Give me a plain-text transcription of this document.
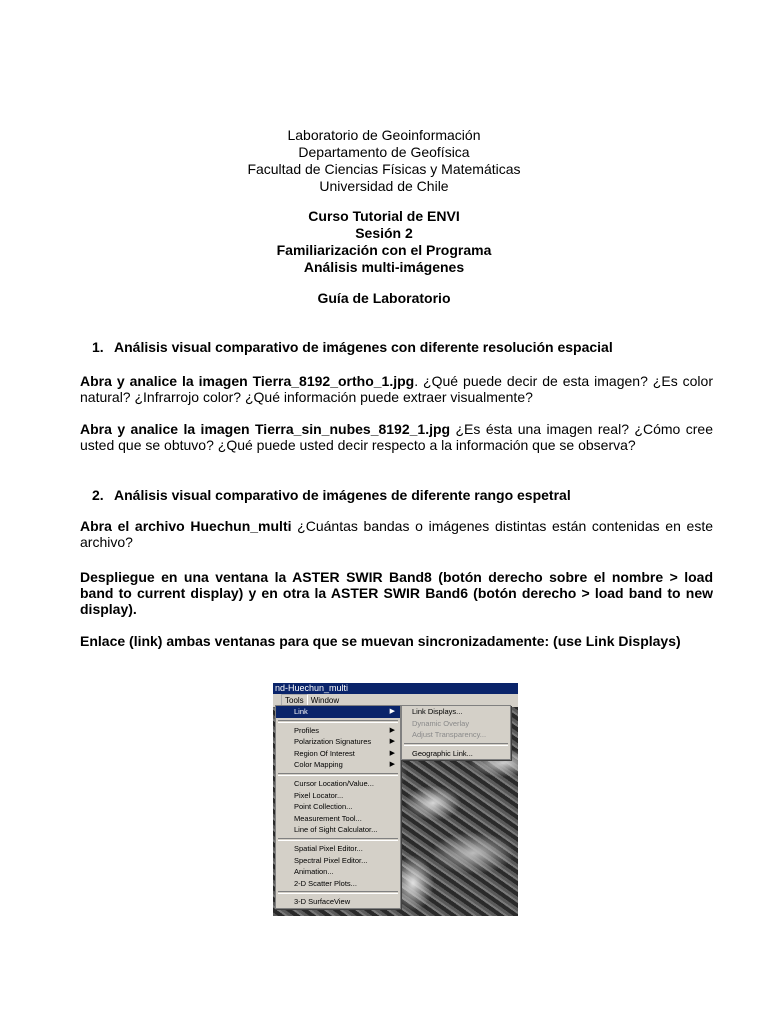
Laboratorio de Geoinformación
Departamento de Geofísica
Facultad de Ciencias Físicas y Matemáticas
Universidad de Chile
Curso Tutorial de ENVI
Sesión 2
Familiarización con el Programa
Análisis multi-imágenes
Guía de Laboratorio
1. Análisis visual comparativo de imágenes con diferente resolución espacial
Abra y analice la imagen Tierra_8192_ortho_1.jpg. ¿Qué puede decir de esta imagen? ¿Es color natural? ¿Infrarrojo color? ¿Qué información puede extraer visualmente?
Abra y analice la imagen Tierra_sin_nubes_8192_1.jpg ¿Es ésta una imagen real? ¿Cómo cree usted que se obtuvo? ¿Qué puede usted decir respecto a la información que se observa?
2. Análisis visual comparativo de imágenes de diferente rango espetral
Abra el archivo Huechun_multi ¿Cuántas bandas o imágenes distintas están contenidas en este archivo?
Despliegue en una ventana la ASTER SWIR Band8 (botón derecho sobre el nombre > load band to current display) y en otra la ASTER SWIR Band6 (botón derecho > load band to new display).
Enlace (link) ambas ventanas para que se muevan sincronizadamente: (use Link Displays)
nd-Huechun_multi
Tools Window
Link	▶
Profiles	▶
Polarization Signatures	▶
Region Of Interest	▶
Color Mapping	▶
Cursor Location/Value...
Pixel Locator...
Point Collection...
Measurement Tool...
Line of Sight Calculator...
Spatial Pixel Editor...
Spectral Pixel Editor...
Animation...
2-D Scatter Plots...
3-D SurfaceView
Link Displays...
Dynamic Overlay
Adjust Transparency...
Geographic Link...
